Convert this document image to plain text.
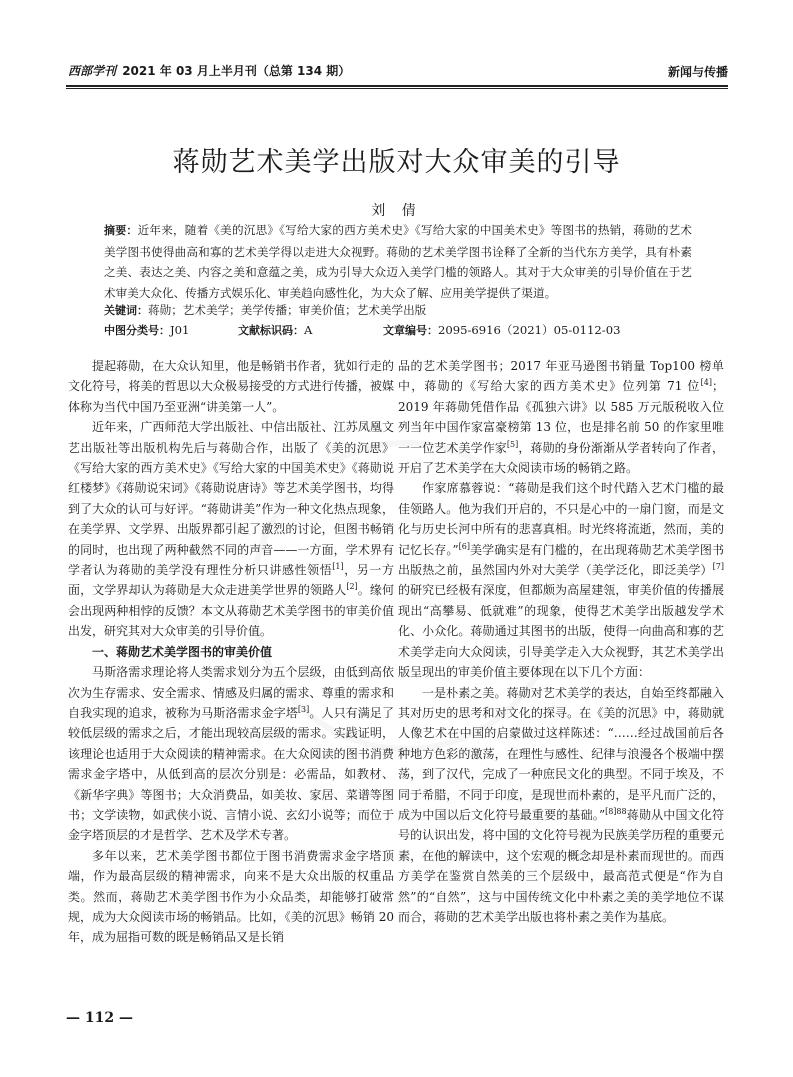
西部学刊 2021 年 03 月上半月刊（总第 134 期）	新闻与传播
蒋勋艺术美学出版对大众审美的引导
刘 倩
摘要：近年来，随着《美的沉思》《写给大家的西方美术史》《写给大家的中国美术史》等图书的热销，蒋勋的艺术美学图书使得曲高和寡的艺术美学得以走进大众视野。蒋勋的艺术美学图书诠释了全新的当代东方美学，具有朴素之美、表达之美、内容之美和意蕴之美，成为引导大众迈入美学门槛的领路人。其对于大众审美的引导价值在于艺术审美大众化、传播方式娱乐化、审美趋向感性化，为大众了解、应用美学提供了渠道。
关键词：蒋勋；艺术美学；美学传播；审美价值；艺术美学出版
中图分类号：J01	文献标识码：A	文章编号：2095-6916（2021）05-0112-03

提起蒋勋，在大众认知里，他是畅销书作者，犹如行走的文化符号，将美的哲思以大众极易接受的方式进行传播，被媒体称为当代中国乃至亚洲“讲美第一人”。

近年来，广西师范大学出版社、中信出版社、江苏凤凰文艺出版社等出版机构先后与蒋勋合作，出版了《美的沉思》《写给大家的西方美术史》《写给大家的中国美术史》《蒋勋说红楼梦》《蒋勋说宋词》《蒋勋说唐诗》等艺术美学图书，均得到了大众的认可与好评。“蒋勋讲美”作为一种文化热点现象，在美学界、文学界、出版界都引起了激烈的讨论，但图书畅销的同时，也出现了两种截然不同的声音——一方面，学术界有学者认为蒋勋的美学没有理性分析只讲感性领悟[1]，另一方面，文学界却认为蒋勋是大众走进美学世界的领路人[2]。缘何会出现两种相悖的反馈？本文从蒋勋艺术美学图书的审美价值出发，研究其对大众审美的引导价值。

一、蒋勋艺术美学图书的审美价值

马斯洛需求理论将人类需求划分为五个层级，由低到高依次为生存需求、安全需求、情感及归属的需求、尊重的需求和自我实现的追求，被称为马斯洛需求金字塔[3]。人只有满足了较低层级的需求之后，才能出现较高层级的需求。实践证明，该理论也适用于大众阅读的精神需求。在大众阅读的图书消费需求金字塔中，从低到高的层次分别是：必需品，如教材、《新华字典》等图书；大众消费品，如美妆、家居、菜谱等图书；文学读物，如武侠小说、言情小说、玄幻小说等；而位于金字塔顶层的才是哲学、艺术及学术专著。

多年以来，艺术美学图书都位于图书消费需求金字塔顶端，作为最高层级的精神需求，向来不是大众出版的权重品类。然而，蒋勋艺术美学图书作为小众品类，却能够打破常规，成为大众阅读市场的畅销品。比如，《美的沉思》畅销 20 年，成为屈指可数的既是畅销品又是长销

品的艺术美学图书；2017 年亚马逊图书销量 Top100 榜单中，蒋勋的《写给大家的西方美术史》位列第 71 位[4]；2019 年蒋勋凭借作品《孤独六讲》以 585 万元版税收入位列当年中国作家富豪榜第 13 位，也是排名前 50 的作家里唯一一位艺术美学作家[5]，蒋勋的身份渐渐从学者转向了作者，开启了艺术美学在大众阅读市场的畅销之路。

作家席慕蓉说：“蒋勋是我们这个时代踏入艺术门槛的最佳领路人。他为我们开启的，不只是心中的一扇门窗，而是文化与历史长河中所有的悲喜真相。时光终将流逝，然而，美的记忆长存。”[6]美学确实是有门槛的，在出现蒋勋艺术美学图书出版热之前，虽然国内外对大美学（美学泛化，即泛美学）[7]的研究已经极有深度，但都颇为高屋建瓴，审美价值的传播展现出“高攀易、低就难”的现象，使得艺术美学出版越发学术化、小众化。蒋勋通过其图书的出版，使得一向曲高和寡的艺术美学走向大众阅读，引导美学走入大众视野，其艺术美学出版呈现出的审美价值主要体现在以下几个方面：

一是朴素之美。蒋勋对艺术美学的表达，自始至终都融入其对历史的思考和对文化的探寻。在《美的沉思》中，蒋勋就人像艺术在中国的启蒙做过这样陈述：“……经过战国前后各种地方色彩的激荡，在理性与感性、纪律与浪漫各个极端中摆荡，到了汉代，完成了一种庶民文化的典型。不同于埃及，不同于希腊，不同于印度，是现世而朴素的，是平凡而广泛的，成为中国以后文化符号最重要的基础。”$^{[8]88}$蒋勋从中国文化符号的认识出发，将中国的文化符号视为民族美学历程的重要元素，在他的解读中，这个宏观的概念却是朴素而现世的。而西方美学在鉴赏自然美的三个层级中，最高范式便是“作为自然”的“自然”，这与中国传统文化中朴素之美的美学地位不谋而合，蒋勋的艺术美学出版也将朴素之美作为基底。

— 112 —
